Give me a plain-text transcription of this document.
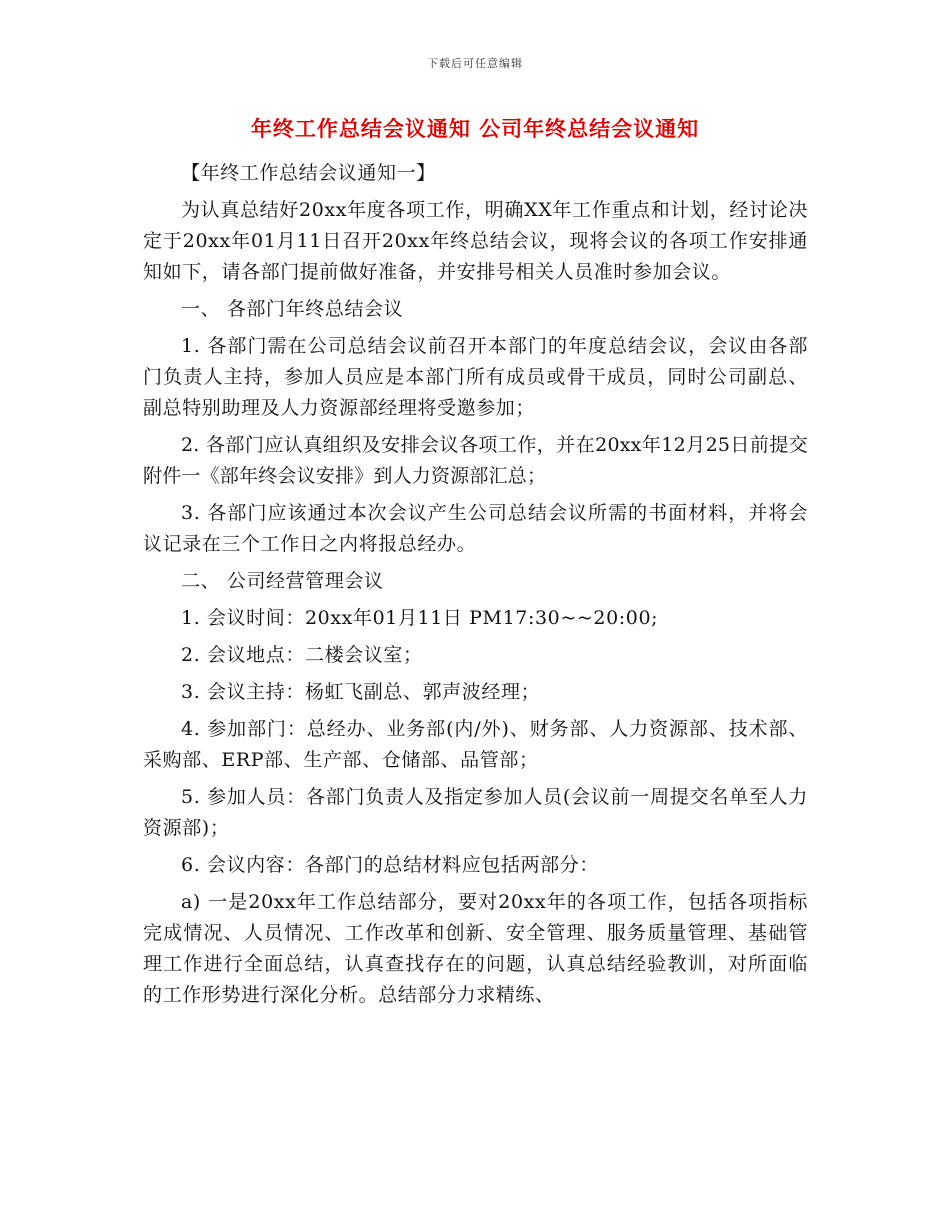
下载后可任意编辑
年终工作总结会议通知 公司年终总结会议通知

【年终工作总结会议通知一】

为认真总结好20xx年度各项工作，明确XX年工作重点和计划，经讨论决定于20xx年01月11日召开20xx年终总结会议，现将会议的各项工作安排通知如下，请各部门提前做好准备，并安排号相关人员准时参加会议。

一、 各部门年终总结会议

1. 各部门需在公司总结会议前召开本部门的年度总结会议，会议由各部门负责人主持，参加人员应是本部门所有成员或骨干成员，同时公司副总、副总特别助理及人力资源部经理将受邀参加；

2. 各部门应认真组织及安排会议各项工作，并在20xx年12月25日前提交附件一《部年终会议安排》到人力资源部汇总；

3. 各部门应该通过本次会议产生公司总结会议所需的书面材料，并将会议记录在三个工作日之内将报总经办。

二、 公司经营管理会议

1. 会议时间：20xx年01月11日 PM17:30~~20:00;

2. 会议地点：二楼会议室；

3. 会议主持：杨虹飞副总、郭声波经理；

4. 参加部门：总经办、业务部(内/外)、财务部、人力资源部、技术部、采购部、ERP部、生产部、仓储部、品管部；

5. 参加人员：各部门负责人及指定参加人员(会议前一周提交名单至人力资源部)；

6. 会议内容：各部门的总结材料应包括两部分：

a) 一是20xx年工作总结部分，要对20xx年的各项工作，包括各项指标完成情况、人员情况、工作改革和创新、安全管理、服务质量管理、基础管理工作进行全面总结，认真查找存在的问题，认真总结经验教训，对所面临的工作形势进行深化分析。总结部分力求精练、
